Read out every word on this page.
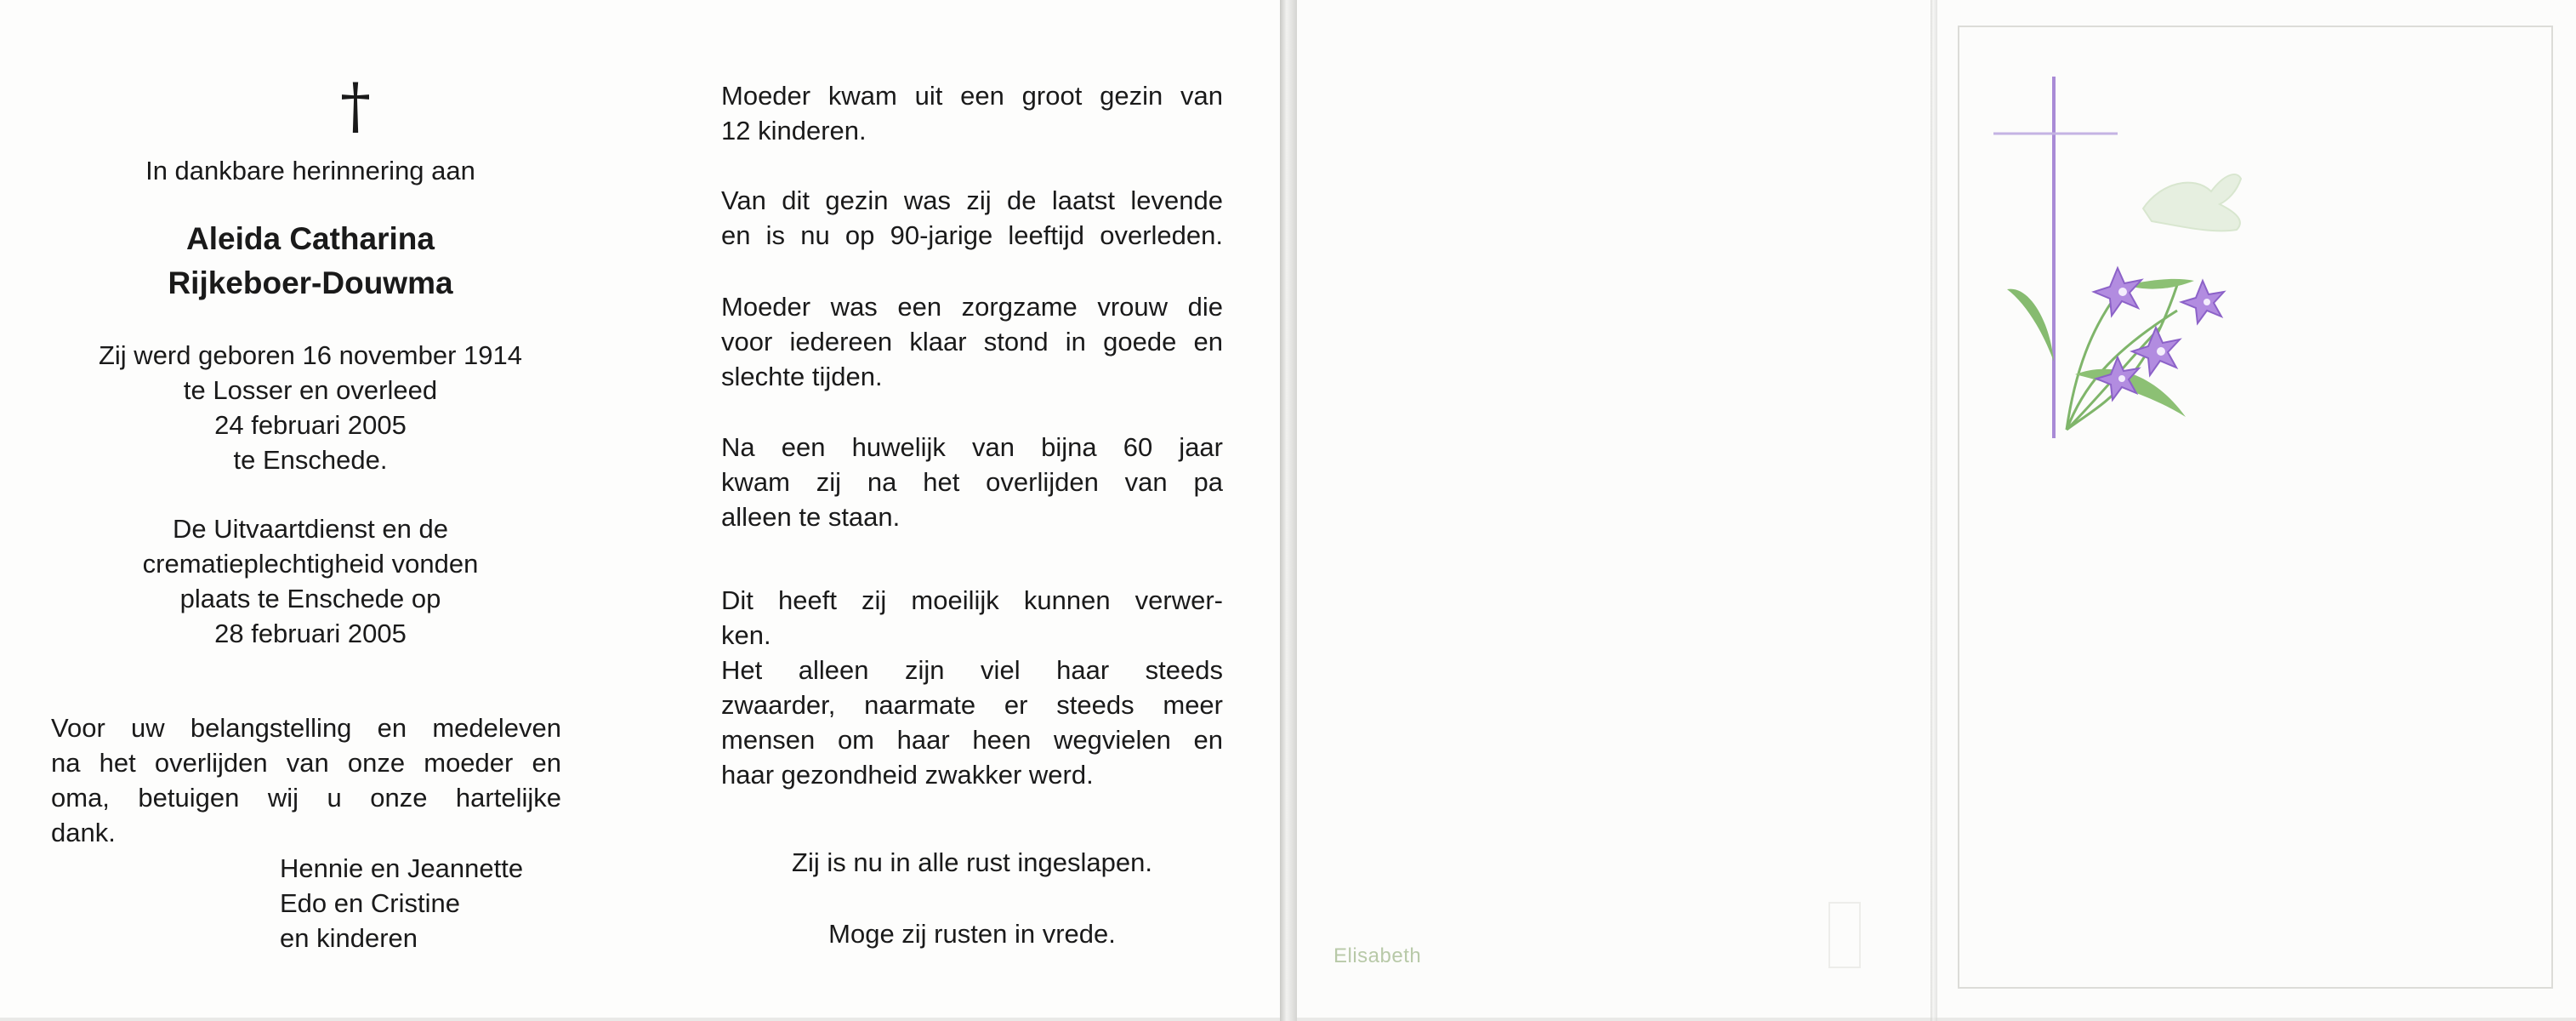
†
In dankbare herinnering aan
Aleida Catharina
Rijkeboer-Douwma
Zij werd geboren 16 november 1914
te Losser en overleed
24 februari 2005
te Enschede.
De Uitvaartdienst en de
crematieplechtigheid vonden
plaats te Enschede op
28 februari 2005
Voor uw belangstelling en medeleven
na het overlijden van onze moeder en
oma, betuigen wij u onze hartelijke
dank.
Hennie en Jeannette
Edo en Cristine
en kinderen
Moeder kwam uit een groot gezin van
12 kinderen.
Van dit gezin was zij de laatst levende
en is nu op 90-jarige leeftijd overleden.
Moeder was een zorgzame vrouw die
voor iedereen klaar stond in goede en
slechte tijden.
Na een huwelijk van bijna 60 jaar
kwam zij na het overlijden van pa
alleen te staan.
Dit heeft zij moeilijk kunnen verwer-
ken.
Het alleen zijn viel haar steeds
zwaarder, naarmate er steeds meer
mensen om haar heen wegvielen en
haar gezondheid zwakker werd.
Zij is nu in alle rust ingeslapen.
Moge zij rusten in vrede.
Elisabeth
